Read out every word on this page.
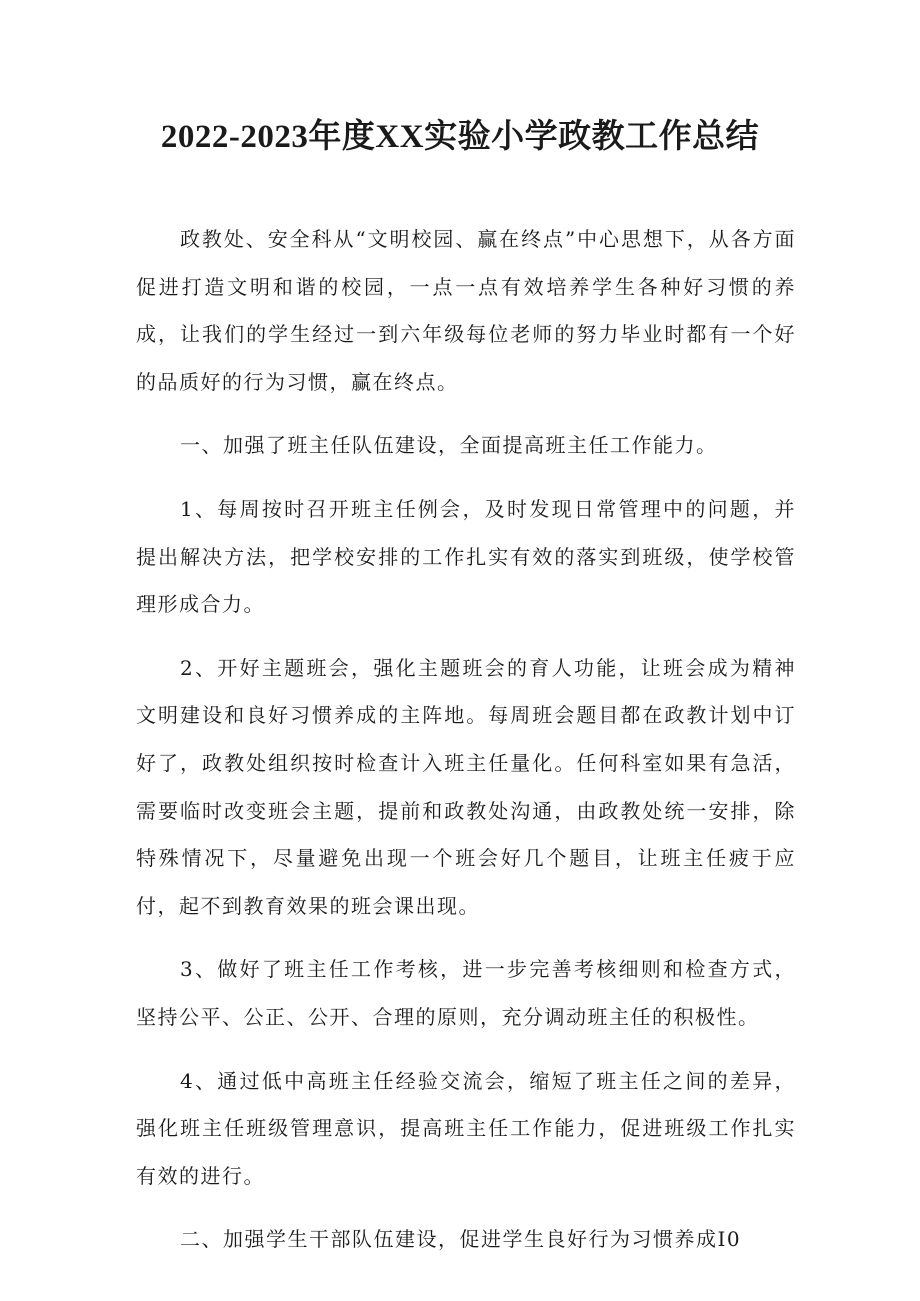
2022-2023年度XX实验小学政教工作总结

政教处、安全科从“文明校园、赢在终点”中心思想下，从各方面促进打造文明和谐的校园，一点一点有效培养学生各种好习惯的养成，让我们的学生经过一到六年级每位老师的努力毕业时都有一个好的品质好的行为习惯，赢在终点。

一、加强了班主任队伍建设，全面提高班主任工作能力。

1、每周按时召开班主任例会，及时发现日常管理中的问题，并提出解决方法，把学校安排的工作扎实有效的落实到班级，使学校管理形成合力。

2、开好主题班会，强化主题班会的育人功能，让班会成为精神文明建设和良好习惯养成的主阵地。每周班会题目都在政教计划中订好了，政教处组织按时检查计入班主任量化。任何科室如果有急活，需要临时改变班会主题，提前和政教处沟通，由政教处统一安排，除特殊情况下，尽量避免出现一个班会好几个题目，让班主任疲于应付，起不到教育效果的班会课出现。

3、做好了班主任工作考核，进一步完善考核细则和检查方式，坚持公平、公正、公开、合理的原则，充分调动班主任的积极性。

4、通过低中高班主任经验交流会，缩短了班主任之间的差异，强化班主任班级管理意识，提高班主任工作能力，促进班级工作扎实有效的进行。

二、加强学生干部队伍建设，促进学生良好行为习惯养成I0
